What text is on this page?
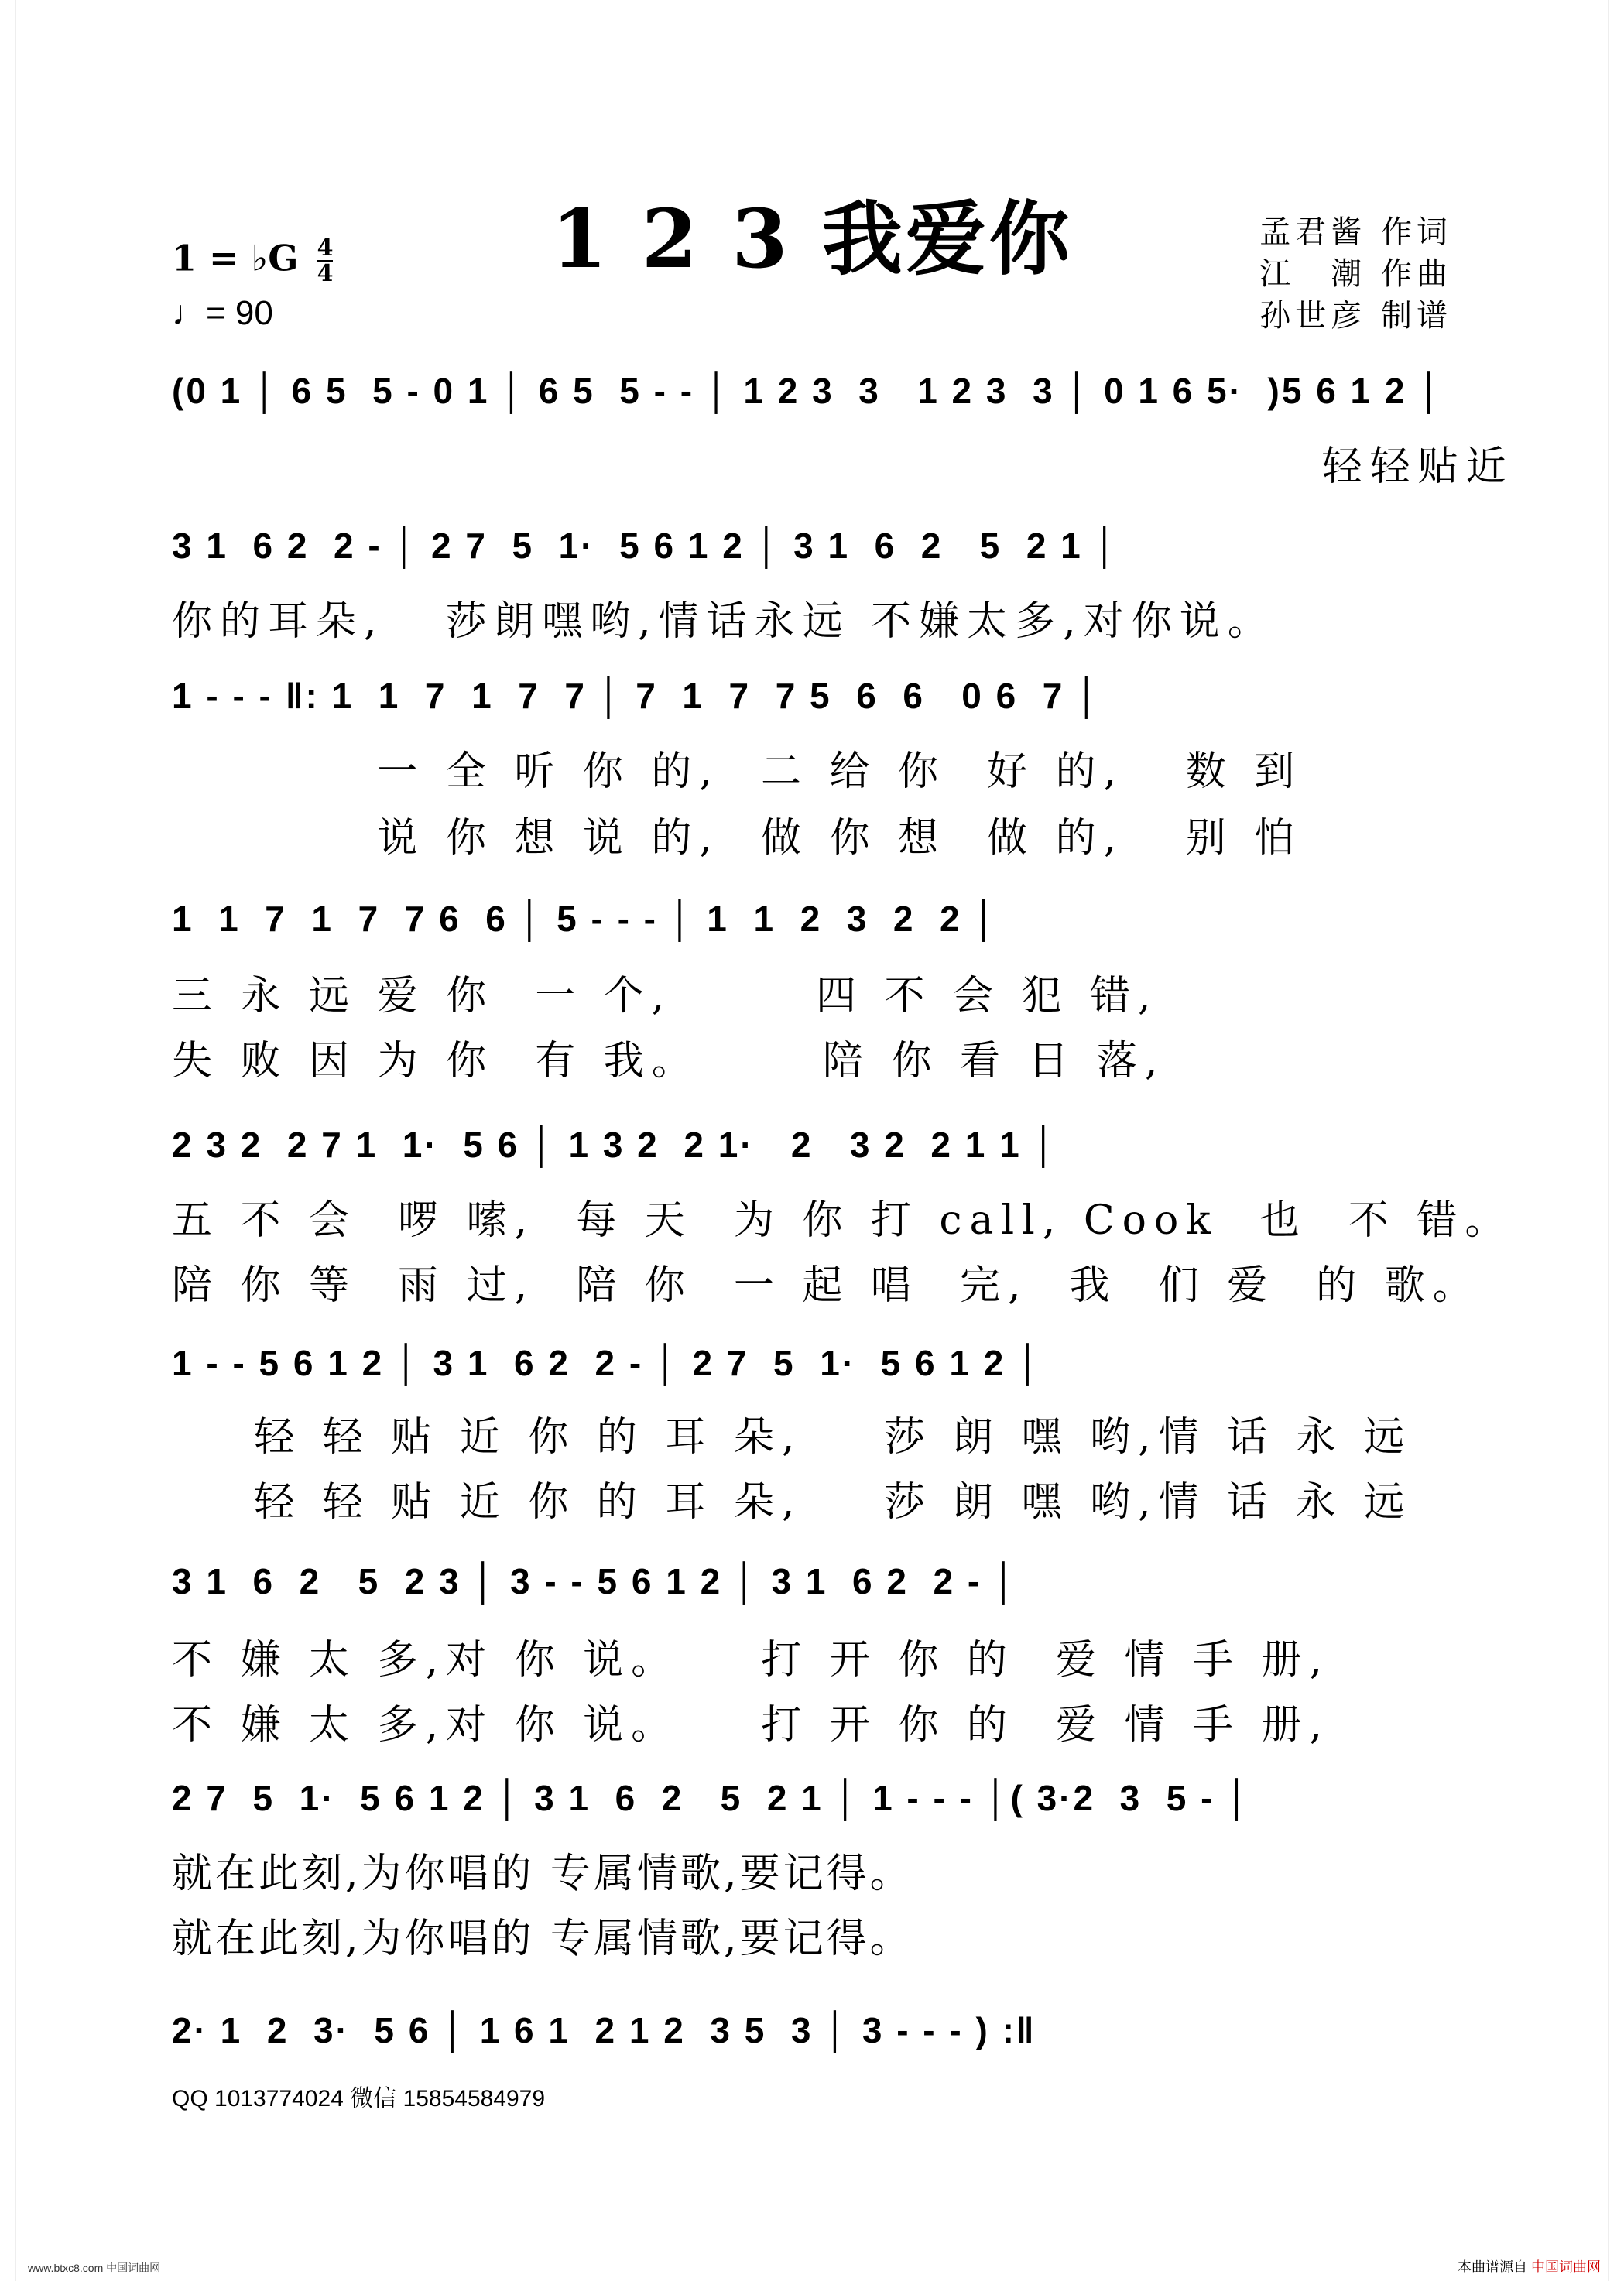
1 2 3 我爱你
1 = ♭G $\frac{4}{4}$
♩= 90
孟君酱 作词
江　潮 作曲
孙世彦 制谱
(0 1 │ 6 5  5 - 0 1 │ 6 5  5 - - │ 1 2 3  3   1 2 3  3 │ 0 1 6 5·  )5 6 1 2 │
轻轻贴近
3 1  6 2  2 - │ 2 7  5  1·  5 6 1 2 │ 3 1  6  2   5  2 1 │
你的耳朵,   莎朗嘿哟,情话永远 不嫌太多,对你说。
1 - - - ‖: 1  1  7  1  7  7 │ 7  1  7  7 5  6  6   0 6  7 │
一 全 听 你 的,  二 给 你  好 的,   数 到
说 你 想 说 的,  做 你 想  做 的,   别 怕
1  1  7  1  7  7 6  6 │ 5 - - - │ 1  1  2  3  2  2 │
三 永 远 爱 你  一 个,       四 不 会 犯 错,
失 败 因 为 你  有 我。      陪 你 看 日 落,
2 3 2  2 7 1  1·  5 6 │ 1 3 2  2 1·   2   3 2  2 1 1 │
五 不 会  啰 嗦,  每 天  为 你 打 call, Cook  也  不 错。
陪 你 等  雨 过,  陪 你  一 起 唱  完,  我  们 爱  的 歌。
1 - - 5 6 1 2 │ 3 1  6 2  2 - │ 2 7  5  1·  5 6 1 2 │
轻 轻 贴 近 你 的 耳 朵,    莎 朗 嘿 哟,情 话 永 远
轻 轻 贴 近 你 的 耳 朵,    莎 朗 嘿 哟,情 话 永 远
3 1  6  2   5  2 3 │ 3 - - 5 6 1 2 │ 3 1  6 2  2 - │
不 嫌 太 多,对 你 说。    打 开 你 的  爱 情 手 册,
不 嫌 太 多,对 你 说。    打 开 你 的  爱 情 手 册,
2 7  5  1·  5 6 1 2 │ 3 1  6  2   5  2 1 │ 1 - - - │( 3·2  3  5 - │
就在此刻,为你唱的 专属情歌,要记得。
就在此刻,为你唱的 专属情歌,要记得。
2· 1  2  3·  5 6 │ 1 6 1  2 1 2  3 5  3 │ 3 - - - ) :‖
QQ 1013774024 微信 15854584979
www.btxc8.com 中国词曲网	本曲谱源自 中国词曲网
